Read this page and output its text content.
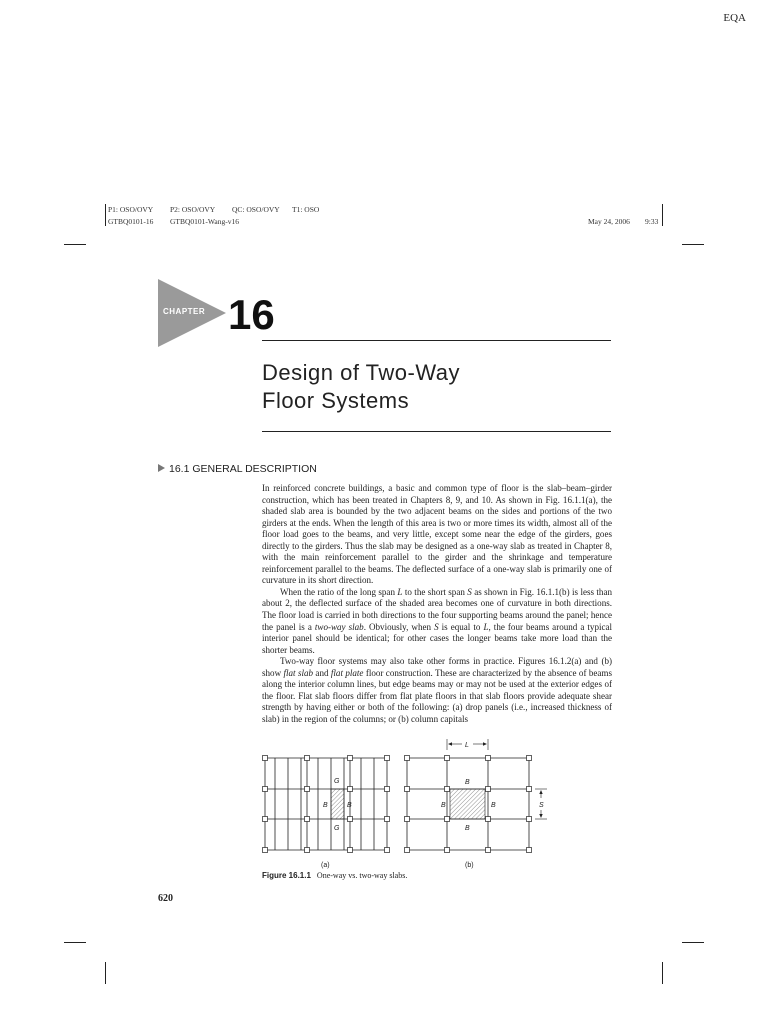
EQA
P1: OSO/OVY P2: OSO/OVY QC: OSO/OVY T1: OSO
GTBQ0101-16 GTBQ0101-Wang-v16	May 24, 2006 9:33
CHAPTER 16
Design of Two-Way
Floor Systems
16.1 GENERAL DESCRIPTION

In reinforced concrete buildings, a basic and common type of floor is the slab–beam–girder construction, which has been treated in Chapters 8, 9, and 10. As shown in Fig. 16.1.1(a), the shaded slab area is bounded by the two adjacent beams on the sides and portions of the two girders at the ends. When the length of this area is two or more times its width, almost all of the floor load goes to the beams, and very little, except some near the edge of the girders, goes directly to the girders. Thus the slab may be designed as a one-way slab as treated in Chapter 8, with the main reinforcement parallel to the girder and the shrinkage and temperature reinforcement parallel to the beams. The deflected surface of a one-way slab is primarily one of curvature in its short direction.

When the ratio of the long span L to the short span S as shown in Fig. 16.1.1(b) is less than about 2, the deflected surface of the shaded area becomes one of curvature in both directions. The floor load is carried in both directions to the four supporting beams around the panel; hence the panel is a two-way slab. Obviously, when S is equal to L, the four beams around a typical interior panel should be identical; for other cases the longer beams take more load than the shorter beams.

Two-way floor systems may also take other forms in practice. Figures 16.1.2(a) and (b) show flat slab and flat plate floor construction. These are characterized by the absence of beams along the interior column lines, but edge beams may or may not be used at the exterior edges of the floor. Flat slab floors differ from flat plate floors in that slab floors provide adequate shear strength by having either or both of the following: (a) drop panels (i.e., increased thickness of slab) in the region of the columns; or (b) column capitals

G
G
B	B
(a)
L
S
B
B
B	B
(b)
Figure 16.1.1 One-way vs. two-way slabs.
620
